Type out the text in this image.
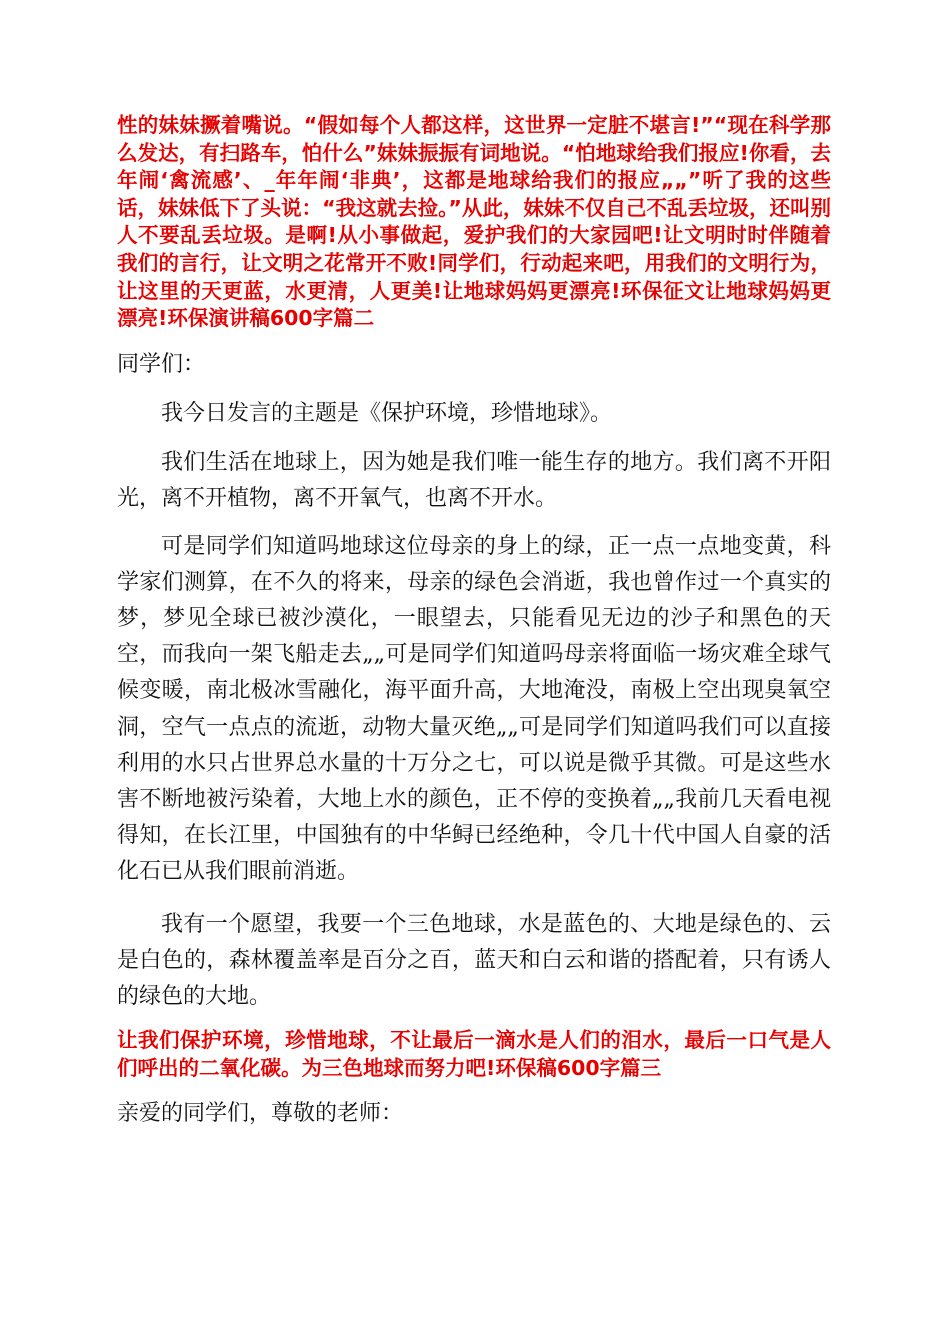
性的妹妹撅着嘴说。“假如每个人都这样，这世界一定脏不堪言!”“现在科学那么发达，有扫路车，怕什么”妹妹振振有词地说。“怕地球给我们报应!你看，去年闹‘禽流感’、_年年闹‘非典’，这都是地球给我们的报应„„”听了我的这些话，妹妹低下了头说：“我这就去捡。”从此，妹妹不仅自己不乱丢垃圾，还叫别人不要乱丢垃圾。是啊!从小事做起，爱护我们的大家园吧!让文明时时伴随着我们的言行，让文明之花常开不败!同学们，行动起来吧，用我们的文明行为，让这里的天更蓝，水更清，人更美!让地球妈妈更漂亮!环保征文让地球妈妈更漂亮!环保演讲稿600字篇二

同学们：

我今日发言的主题是《保护环境，珍惜地球》。

我们生活在地球上，因为她是我们唯一能生存的地方。我们离不开阳光，离不开植物，离不开氧气，也离不开水。

可是同学们知道吗地球这位母亲的身上的绿，正一点一点地变黄，科学家们测算，在不久的将来，母亲的绿色会消逝，我也曾作过一个真实的梦，梦见全球已被沙漠化，一眼望去，只能看见无边的沙子和黑色的天空，而我向一架飞船走去„„可是同学们知道吗母亲将面临一场灾难全球气候变暖，南北极冰雪融化，海平面升高，大地淹没，南极上空出现臭氧空洞，空气一点点的流逝，动物大量灭绝„„可是同学们知道吗我们可以直接利用的水只占世界总水量的十万分之七，可以说是微乎其微。可是这些水害不断地被污染着，大地上水的颜色，正不停的变换着„„我前几天看电视得知，在长江里，中国独有的中华鲟已经绝种，令几十代中国人自豪的活化石已从我们眼前消逝。

我有一个愿望，我要一个三色地球，水是蓝色的、大地是绿色的、云是白色的，森林覆盖率是百分之百，蓝天和白云和谐的搭配着，只有诱人的绿色的大地。

让我们保护环境，珍惜地球，不让最后一滴水是人们的泪水，最后一口气是人们呼出的二氧化碳。为三色地球而努力吧!环保稿600字篇三

亲爱的同学们，尊敬的老师：
